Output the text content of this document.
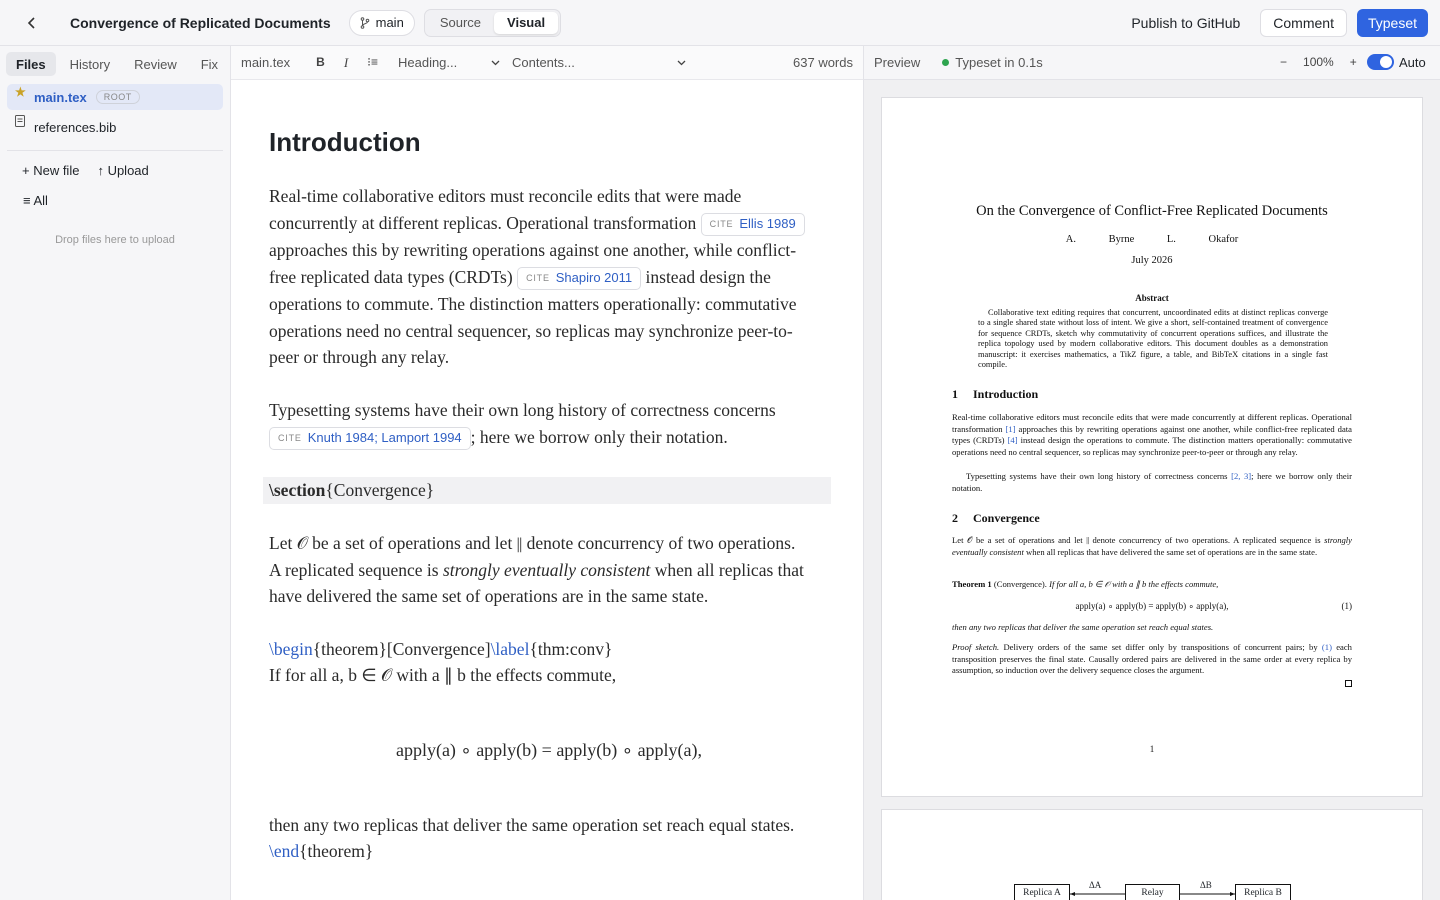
Convergence of Replicated Documents	main	Source	Visual	Publish to GitHub	Comment	Typeset
Files	History	Review	Fix
★ main.tex	ROOT
references.bib
+ New file ↑ Upload
≡ All
Drop files here to upload
main.tex B I ⁝≡ Heading...	Contents...	637 words
Introduction
Real-time collaborative editors must reconcile edits that were made concurrently at different replicas. Operational transformation CITE Ellis 1989
approaches this by rewriting operations against one another, while conflict-free replicated data types (CRDTs) CITE Shapiro 2011 instead design the operations to commute. The distinction matters operationally: commutative operations need no central sequencer, so replicas may synchronize peer-to-peer or through any relay.
Typesetting systems have their own long history of correctness concerns
CITE Knuth 1984; Lamport 1994 ; here we borrow only their notation.
\section {Convergence}
Let 𝒪 be a set of operations and let ∥ denote concurrency of two operations. A replicated sequence is strongly eventually consistent when all replicas that have delivered the same set of operations are in the same state.
\begin{theorem}[Convergence]\label{thm:conv}
If for all a, b ∈ 𝒪 with a ∥ b the effects commute,
apply(a) ∘ apply(b) = apply(b) ∘ apply(a),
then any two replicas that deliver the same operation set reach equal states.
\end{theorem}
Preview	Typeset in 0.1s	− 100% +	Auto
On the Convergence of Conflict-Free Replicated Documents
A. Byrne L. Okafor
July 2026
Abstract
Collaborative text editing requires that concurrent, uncoordinated edits at distinct replicas converge to a single shared state without loss of intent. We give a short, self-contained treatment of convergence for sequence CRDTs, sketch why commutativity of concurrent operations suffices, and illustrate the replica topology used by modern collaborative editors. This document doubles as a demonstration manuscript: it exercises mathematics, a TikZ figure, a table, and BibTeX citations in a single fast compile.
1 Introduction
Real-time collaborative editors must reconcile edits that were made concurrently at different replicas. Operational transformation [1] approaches this by rewriting operations against one another, while conflict-free replicated data types (CRDTs) [4] instead design the operations to commute. The distinction matters operationally: commutative operations need no central sequencer, so replicas may synchronize peer-to-peer or through any relay.
Typesetting systems have their own long history of correctness concerns [2, 3]; here we borrow only their notation.
2 Convergence
Let 𝒪 be a set of operations and let ∥ denote concurrency of two operations. A replicated sequence is strongly eventually consistent when all replicas that have delivered the same set of operations are in the same state.
Theorem 1 (Convergence). If for all a, b ∈ 𝒪 with a ∥ b the effects commute,
apply(a) ∘ apply(b) = apply(b) ∘ apply(a),	(1)
then any two replicas that deliver the same operation set reach equal states.
Proof sketch. Delivery orders of the same set differ only by transpositions of concurrent pairs; by (1) each transposition preserves the final state. Causally ordered pairs are delivered in the same order at every replica by assumption, so induction over the delivery sequence closes the argument.
1
Replica A	Relay	Replica B
ΔA	ΔB
